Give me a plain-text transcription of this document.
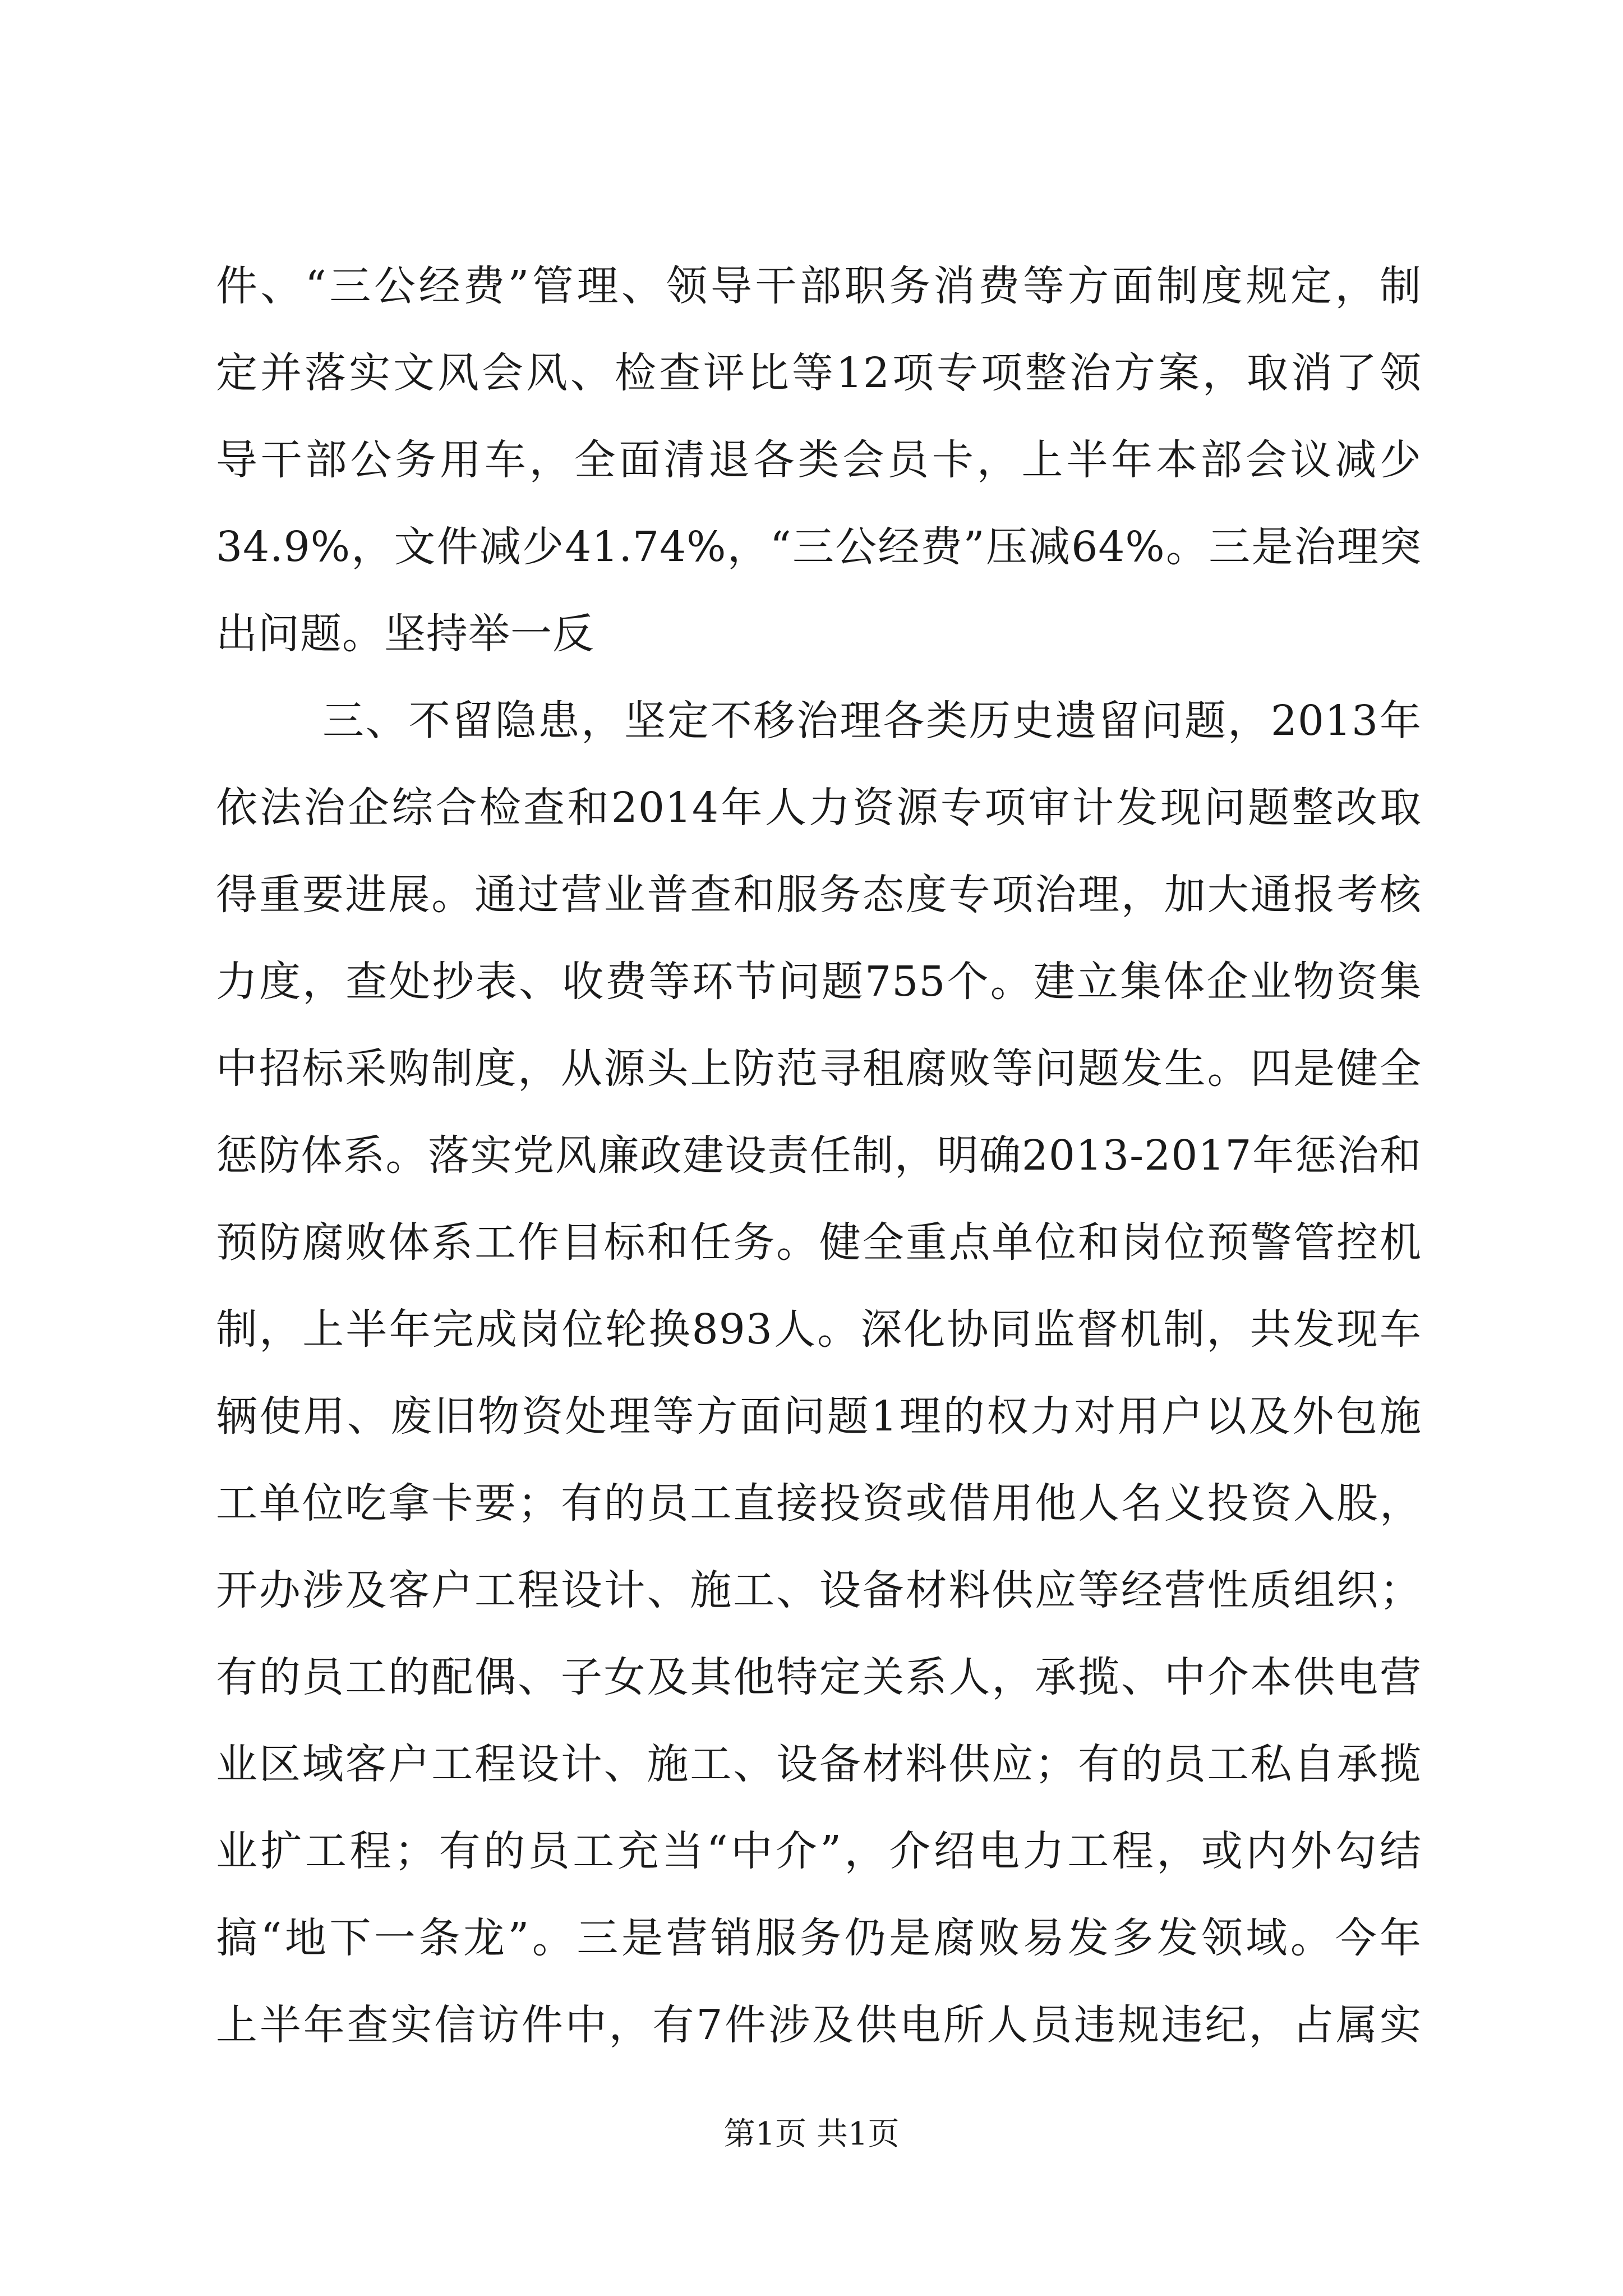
件、“三公经费”管理、领导干部职务消费等方面制度规定，制
定并落实文风会风、检查评比等12项专项整治方案，取消了领
导干部公务用车，全面清退各类会员卡，上半年本部会议减少
34.9%，文件减少41.74%，“三公经费”压减64%。三是治理突
出问题。坚持举一反
三、不留隐患，坚定不移治理各类历史遗留问题，2013年
依法治企综合检查和2014年人力资源专项审计发现问题整改取
得重要进展。通过营业普查和服务态度专项治理，加大通报考核
力度，查处抄表、收费等环节问题755个。建立集体企业物资集
中招标采购制度，从源头上防范寻租腐败等问题发生。四是健全
惩防体系。落实党风廉政建设责任制，明确2013-2017年惩治和
预防腐败体系工作目标和任务。健全重点单位和岗位预警管控机
制，上半年完成岗位轮换893人。深化协同监督机制，共发现车
辆使用、废旧物资处理等方面问题1理的权力对用户以及外包施
工单位吃拿卡要；有的员工直接投资或借用他人名义投资入股，
开办涉及客户工程设计、施工、设备材料供应等经营性质组织；
有的员工的配偶、子女及其他特定关系人，承揽、中介本供电营
业区域客户工程设计、施工、设备材料供应；有的员工私自承揽
业扩工程；有的员工充当“中介”，介绍电力工程，或内外勾结
搞“地下一条龙”。三是营销服务仍是腐败易发多发领域。今年
上半年查实信访件中，有7件涉及供电所人员违规违纪，占属实
第1页 共1页
